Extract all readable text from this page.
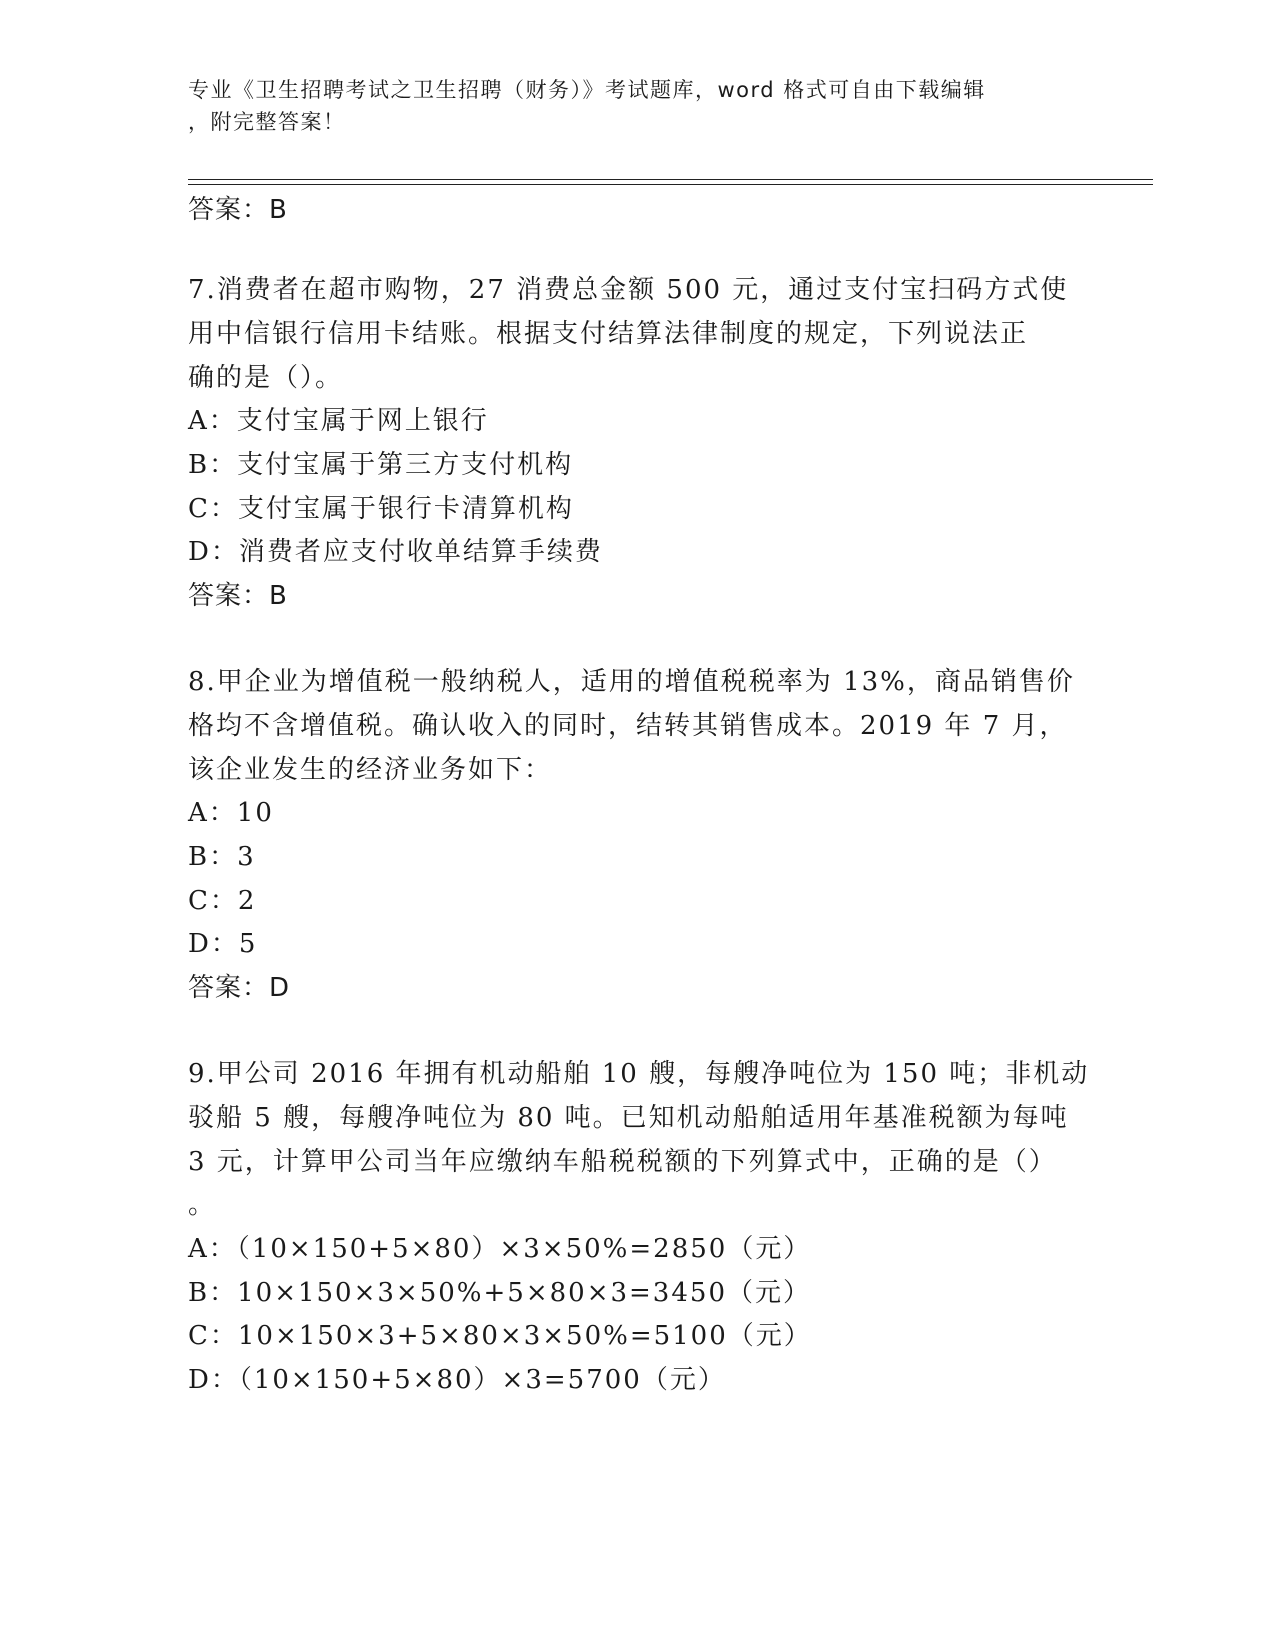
专业《卫生招聘考试之卫生招聘（财务）》考试题库，word 格式可自由下载编辑
，附完整答案！
答案：B
7.消费者在超市购物，27 消费总金额 500 元，通过支付宝扫码方式使
用中信银行信用卡结账。根据支付结算法律制度的规定，下列说法正
确的是（）。
A：支付宝属于网上银行
B：支付宝属于第三方支付机构
C：支付宝属于银行卡清算机构
D：消费者应支付收单结算手续费
答案：B
8.甲企业为增值税一般纳税人，适用的增值税税率为 13%，商品销售价
格均不含增值税。确认收入的同时，结转其销售成本。2019 年 7 月，
该企业发生的经济业务如下：
A：10
B：3
C：2
D：5
答案：D
9.甲公司 2016 年拥有机动船舶 10 艘，每艘净吨位为 150 吨；非机动
驳船 5 艘，每艘净吨位为 80 吨。已知机动船舶适用年基准税额为每吨
3 元，计算甲公司当年应缴纳车船税税额的下列算式中，正确的是（）
。
A：（10×150+5×80）×3×50%=2850（元）
B：10×150×3×50%+5×80×3=3450（元）
C：10×150×3+5×80×3×50%=5100（元）
D：（10×150+5×80）×3=5700（元）
